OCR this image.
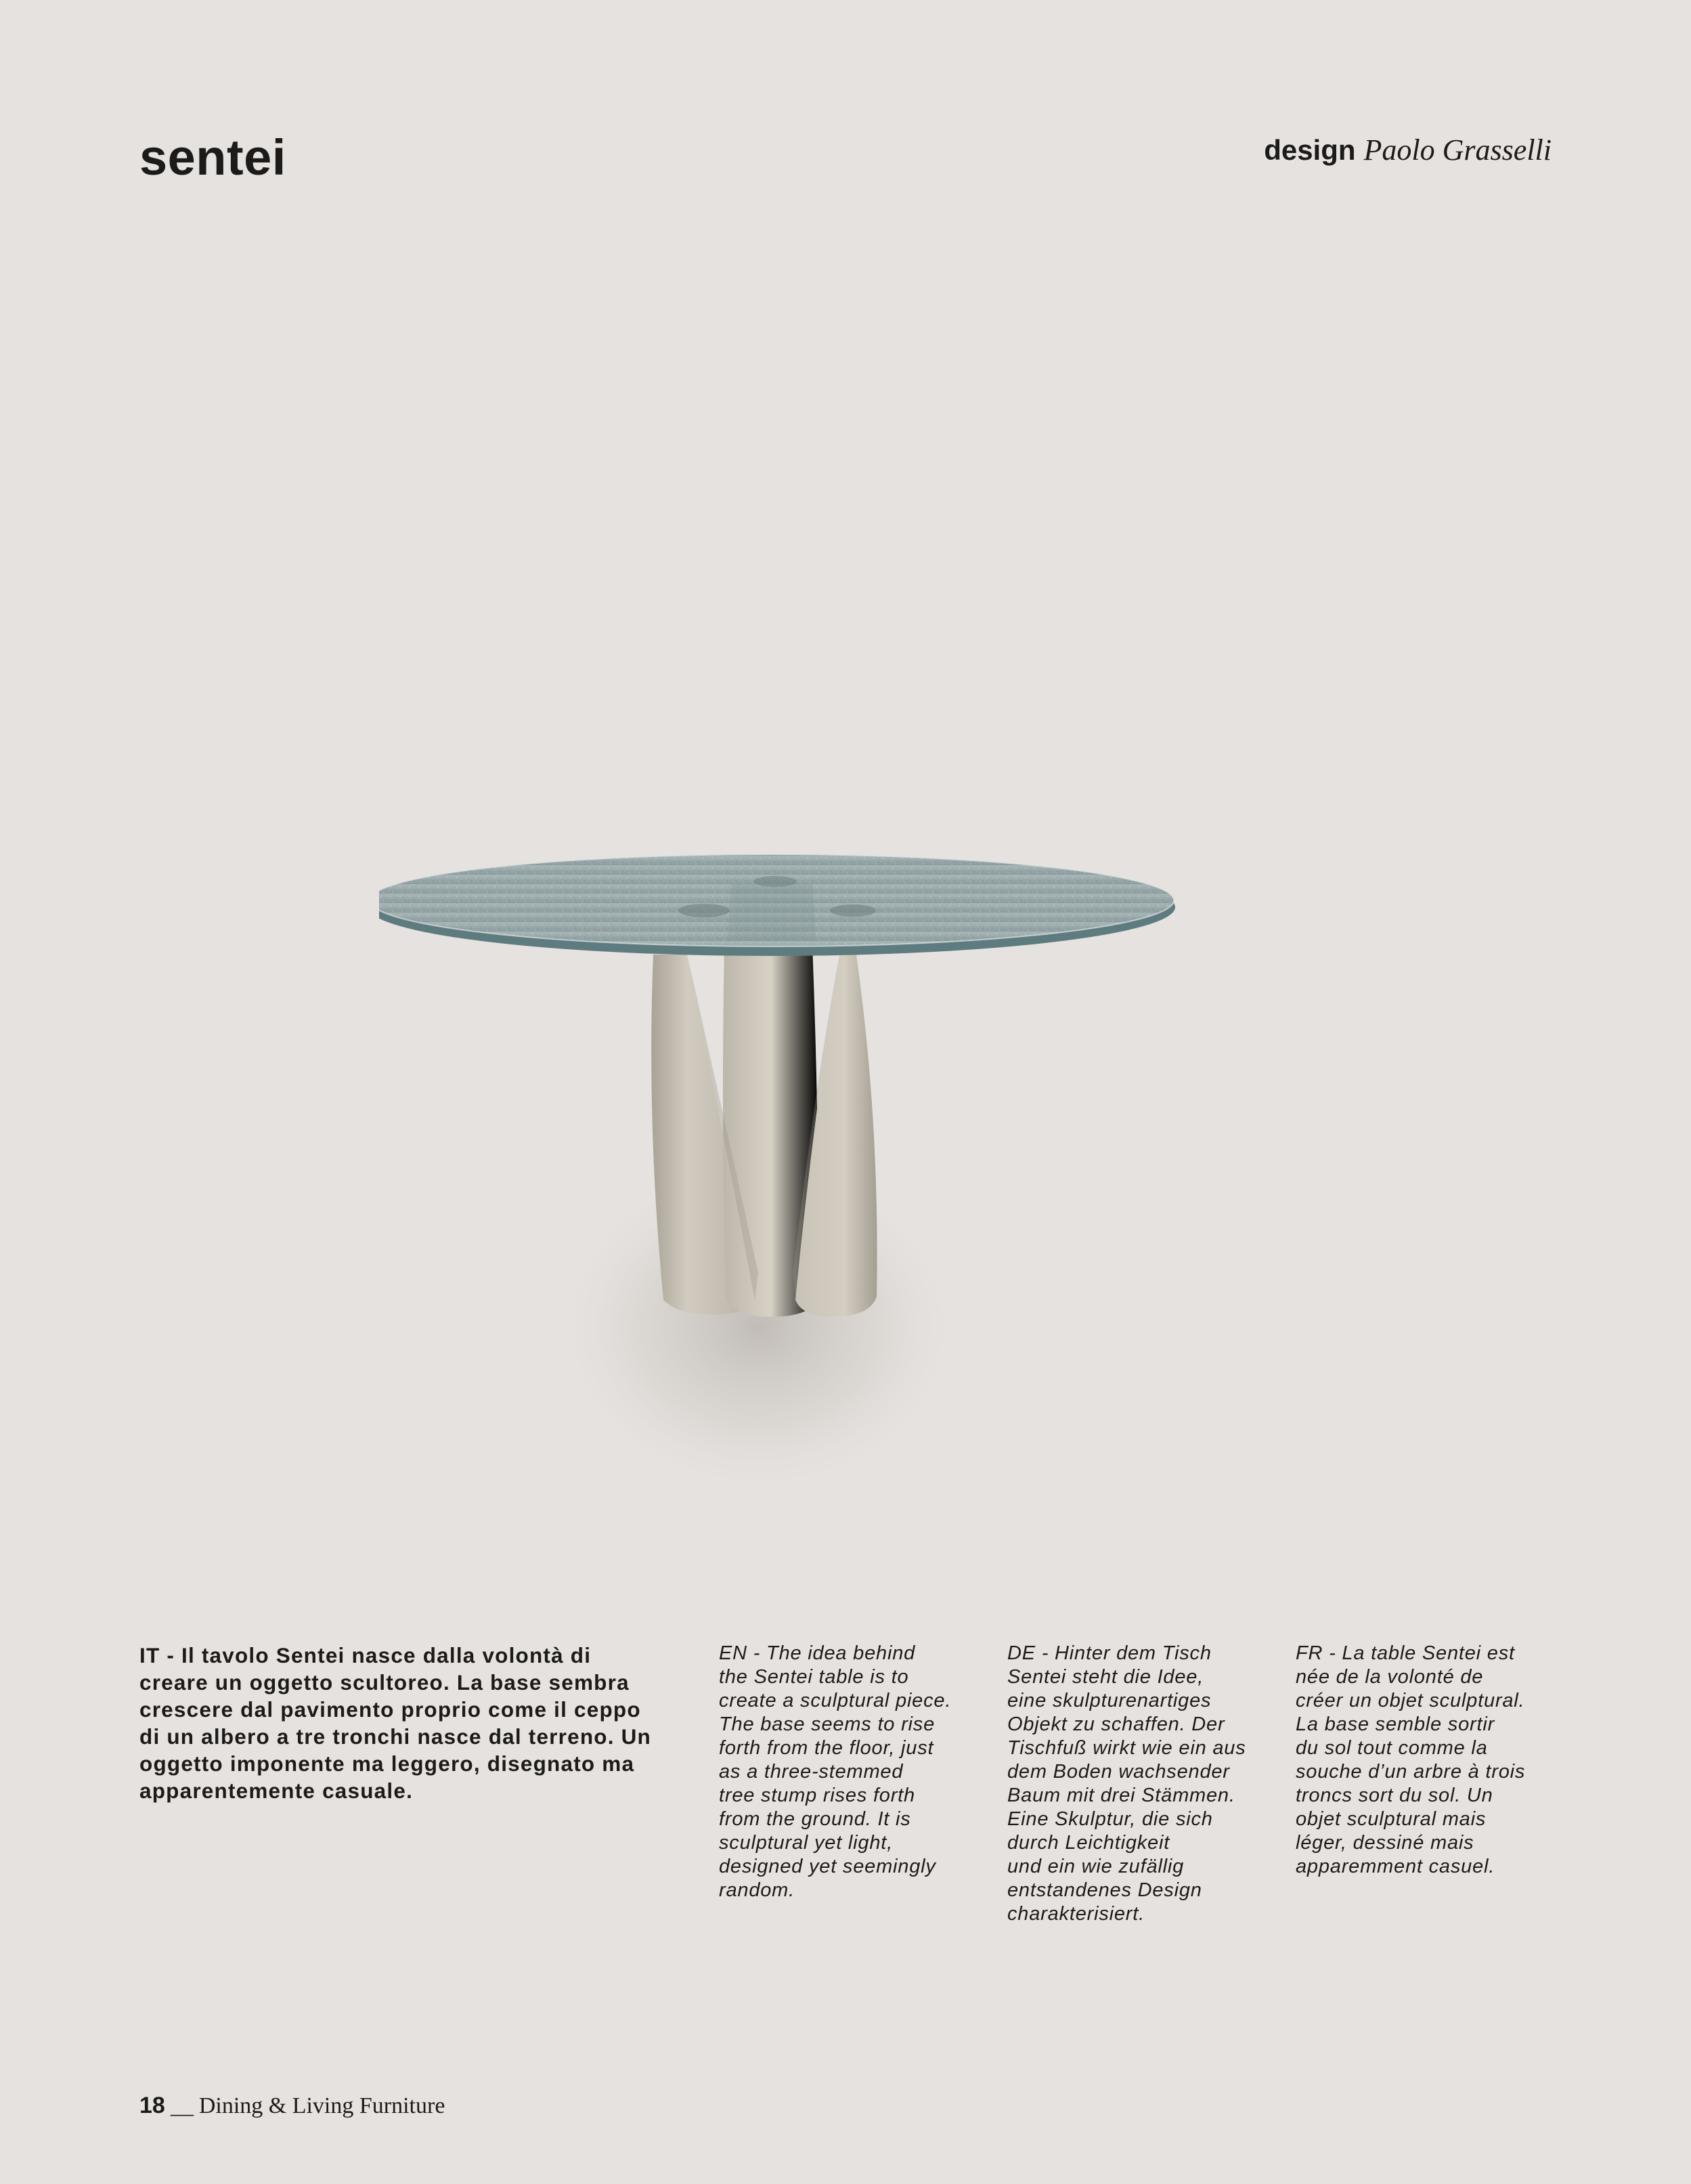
sentei	design Paolo Grasselli

IT - Il tavolo Sentei nasce dalla volontà di
creare un oggetto scultoreo. La base sembra
crescere dal pavimento proprio come il ceppo
di un albero a tre tronchi nasce dal terreno. Un
oggetto imponente ma leggero, disegnato ma
apparentemente casuale.

EN - The idea behind
the Sentei table is to
create a sculptural piece.
The base seems to rise
forth from the floor, just
as a three-stemmed
tree stump rises forth
from the ground. It is
sculptural yet light,
designed yet seemingly
random.

DE - Hinter dem Tisch
Sentei steht die Idee,
eine skulpturenartiges
Objekt zu schaffen. Der
Tischfuß wirkt wie ein aus
dem Boden wachsender
Baum mit drei Stämmen.
Eine Skulptur, die sich
durch Leichtigkeit
und ein wie zufällig
entstandenes Design
charakterisiert.

FR - La table Sentei est
née de la volonté de
créer un objet sculptural.
La base semble sortir
du sol tout comme la
souche d’un arbre à trois
troncs sort du sol. Un
objet sculptural mais
léger, dessiné mais
apparemment casuel.

18 __ Dining & Living Furniture
